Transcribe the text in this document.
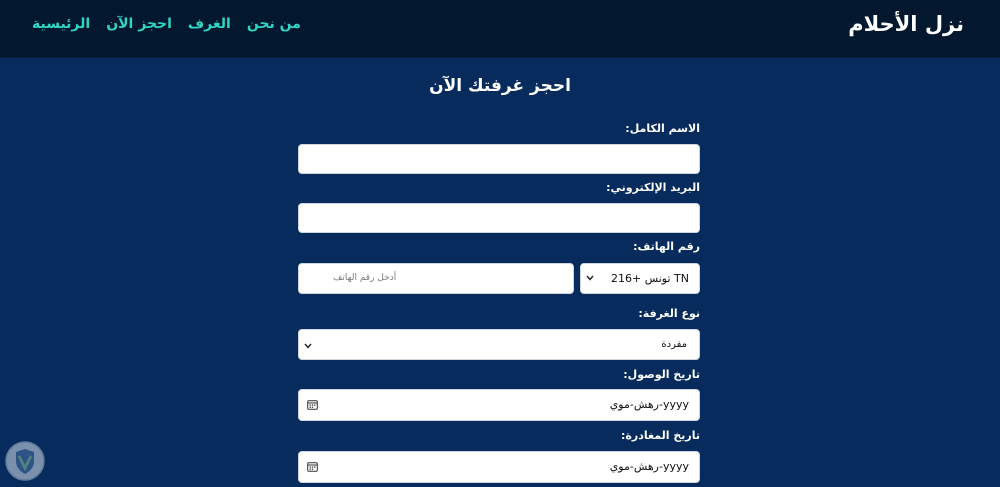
نزل الأحلام
الرئيسية احجز الآن الغرف من نحن
احجز غرفتك الآن
الاسم الكامل:
البريد الإلكتروني:
رقم الهاتف:
TN تونس +216
أدخل رقم الهاتف
نوع الغرفة:
مفردة
تاريخ الوصول:
yyyy-رهش-موي
تاريخ المغادرة:
yyyy-رهش-موي
